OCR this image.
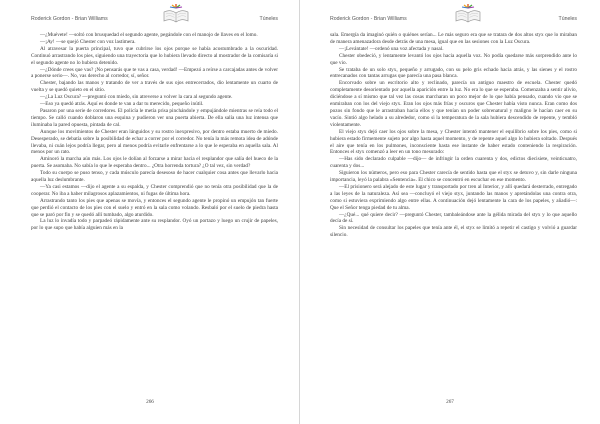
Roderick Gordon - Brian Williams	Túneles

—¿Muévete! —soltó con brusquedad el segundo agente, pegándole con el manojo de llaves en el lomo.

—¡Ay! —se quejó Chester con voz lastimera.

Al atravesar la puerta principal, tuvo que cubrirse los ojos porque se había acostumbrado a la oscuridad. Continuó arrastrando los pies, siguiendo una trayectoria que lo hubiera llevado directo al mostrador de la comisaría si el segundo agente no lo hubiera detenido.

—¿Dónde crees que vas? ¡No pensarás que te vas a casa, verdad! —Empezó a reírse a carcajadas antes de volver a ponerse serio—. No, vas derecho al corredor, sí, señor.

Chester, bajando las manos y tratando de ver a través de sus ojos entrecerrados, dio lentamente un cuarto de vuelta y se quedó quieto en el sitio.

—¿La Luz Oscura? —preguntó con miedo, sin atreverse a volver la cara al segundo agente.

—Eso ya quedó atrás. Aquí es donde te van a dar tu merecido, pequeño inútil.

Pasaron por una serie de corredores. El policía le metía prisa pinchándole y empujándole mientras se reía todo el tiempo. Se calló cuando doblaron una esquina y pudieron ver una puerta abierta. De ella salía una luz intensa que iluminaba la pared opuesta, pintada de cal.

Aunque los movimientos de Chester eran lánguidos y su rostro inexpresivo, por dentro estaba muerto de miedo. Desesperado, se debatía sobre la posibilidad de echar a correr por el corredor. No tenía la más remota idea de adónde llevaba, ni cuán lejos podría llegar, pero al menos podría evitarle enfrentarse a lo que le esperaba en aquella sala. Al menos por un rato.

Aminoró la marcha aún más. Los ojos le dolían al forzarse a mirar hacia el resplandor que salía del hueco de la puerta. Se asomaba. No sabía lo que le esperaba dentro... ¿Otra horrenda tortura? ¿O tal vez, sin verdad?

Todo su cuerpo se puso tenso, y cada músculo parecía desesoso de hacer cualquier cosa antes que llevarlo hacia aquella luz deslumbrante.

—Ya casi estamos —dijo el agente a su espalda, y Chester comprendió que no tenía otra posibilidad que la de cooperar. No iba a haber milagrosos aplazamientos, ni fugas de última hora.

Arrastrando tanto los pies que apenas se movía, y entonces el segundo agente le propinó un empujón tan fuerte que perdió el contacto de los pies con el suelo y entró en la sala como volando. Resbaló por el suelo de piedra hasta que se paró por fin y se quedó allí tumbado, algo aturdido.

La luz lo invadía todo y parpadeó rápidamente ante su resplandor. Oyó un portazo y luego un crujir de papeles, por lo que supo que había alguien más en la

266
Roderick Gordon - Brian Williams	Túneles

sala. Emergía da imaginó quién o quiénes serían... Le más seguro era que se tratara de dos altos styx que lo miraban de manera amenazadora desde detrás de una mesa, igual que en las sesiones con la Luz Oscura.

—¡Levántate! —ordenó una voz afectada y nasal.

Chester obedeció, y lentamente levantó los ojos hacia aquella voz. No podía quedarse más sorprendido ante lo que vio.

Se trataba de un solo styx, pequeño y arrugado, con su pelo gris echado hacia atrás, y las sienes y el rostro entrecanados con tantas arrugas que parecía una pasa blanca.

Encorvado sobre un escritorio alto y reclinado, parecía un antiguo maestro de escuela. Chester quedó completamente desorientado por aquella aparición entre la luz. No era lo que se esperaba. Comenzaba a sentir alivio, diciéndose a sí mismo que tal vez las cosas marcharan un poco mejor de lo que había pensado, cuando vio que se enmiraban con los del viejo styx. Eran los ojos más frías y oscuros que Chester había visto nunca. Eran como dos pozos sin fondo que le arrastraban hacia ellos y que tenían un poder sobrenatural y maligno le hacían caer en su vacío. Sintió algo helado a su alrededor, como si la temperatura de la sala hubiera descendido de repente, y tembló violentamente.

El viejo styx dejó caer los ojos sobre la mesa, y Chester intentó mantener el equilibrio sobre los pies, como si hubiera estado firmemente sujeto por algo hasta aquel momento, y de repente aquel algo lo hubiera soltado. Después el aire que tenía en los pulmones, inconsciente hasta ese instante de haber estado conteniendo la respiración. Entonces el styx comenzó a leer en un tono mesurado:

—Has sido declarado culpable —dijo— de infringir la orden cuarenta y dos, edictos diecisiete, veinticuatro, cuarenta y dos...

Siguieron los números, pero eso para Chester carecía de sentido hasta que el styx se detuvo y, sin darle ninguna importancia, leyó la palabra «Sentencia». El chico se concentró en escuchar en ese momento.

—El prisionero será alejado de este lugar y transportado por tren al Interior, y allí quedará desterrado, entregado a las leyes de la naturaleza. Así sea —concluyó el viejo styx, juntando las manos y apretándolas una contra otra, como si estuviera exprimiendo algo entre ellas. A continuación dejó lentamente la cara de los papeles, y añadió—: Que el Señor tenga piedad de tu alma.

—¿Qué... qué quiere decir? —preguntó Chester, tambaleándose ante la gélida mirada del styx y lo que aquello decía de sí.

Sin necesidad de consultar los papeles que tenía ante él, el styx se limitó a repetir el castigo y volvió a guardar silencio.

267
